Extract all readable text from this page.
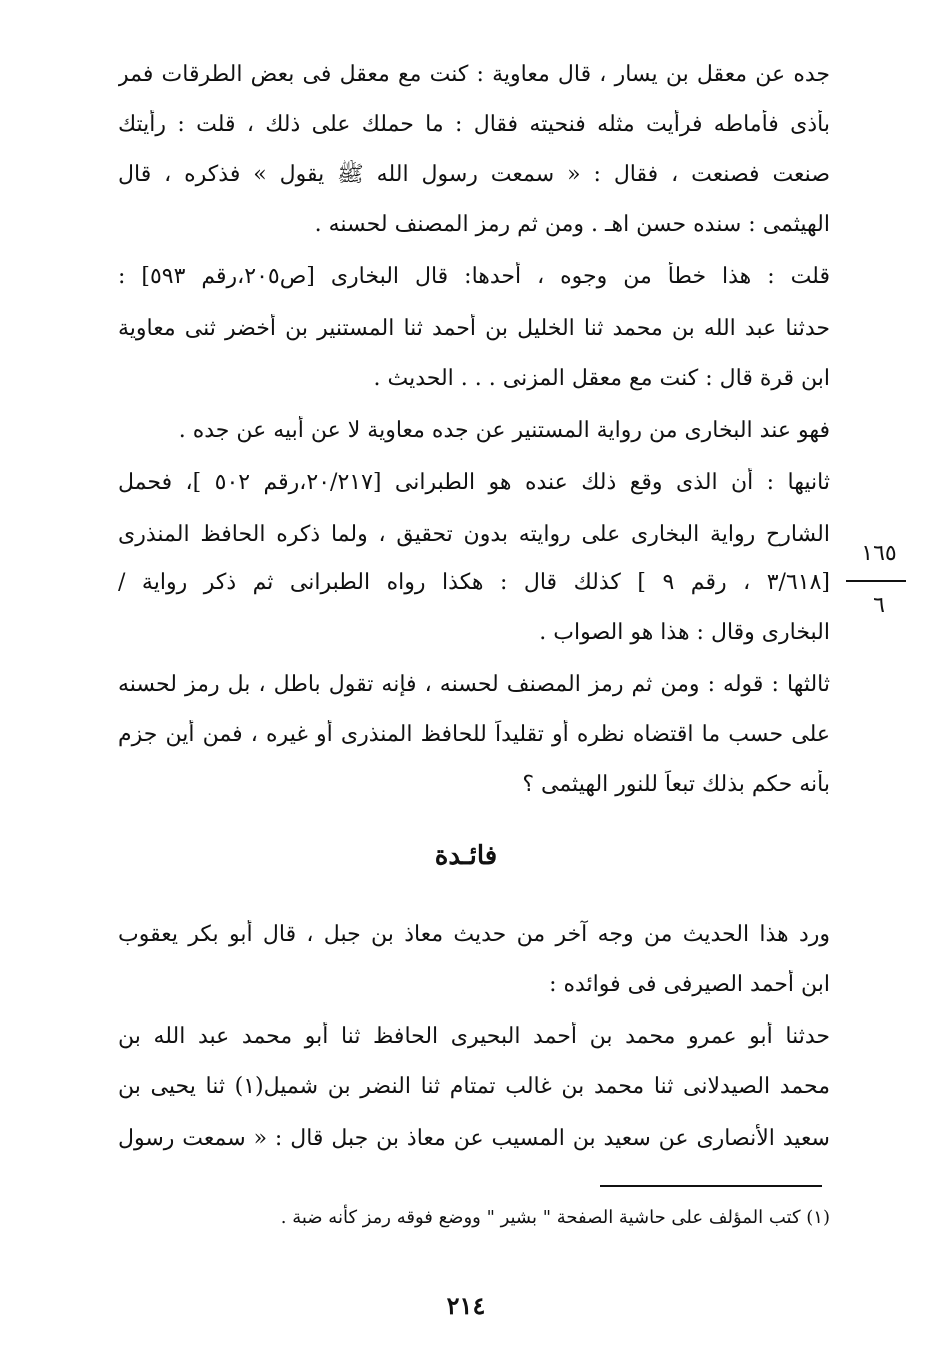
جده عن معقل بن يسار ، قال معاوية : كنت مع معقل فى بعض الطرقات فمر
بأذى فأماطه فرأيت مثله فنحيته فقال : ما حملك على ذلك ، قلت : رأيتك
صنعت فصنعت ، فقال : « سمعت رسول الله ﷺ يقول » فذكره ، قال
الهيثمى : سنده حسن اهـ . ومن ثم رمز المصنف لحسنه .
قلت : هذا خطأ من وجوه ، أحدها: قال البخارى [ص٢٠٥،رقم ٥٩٣] :
حدثنا عبد الله بن محمد ثنا الخليل بن أحمد ثنا المستنير بن أخضر ثنى معاوية
ابن قرة قال : كنت مع معقل المزنى . . . الحديث .
فهو عند البخارى من رواية المستنير عن جده معاوية لا عن أبيه عن جده .
ثانيها : أن الذى وقع ذلك عنده هو الطبرانى [٢٠/٢١٧،رقم ٥٠٢ ]، فحمل
الشارح رواية البخارى على روايته بدون تحقيق ، ولما ذكره الحافظ المنذرى
[٣/٦١٨ ، رقم ٩ ] كذلك قال : هكذا رواه الطبرانى ثم ذكر رواية /
البخارى وقال : هذا هو الصواب .
ثالثها : قوله : ومن ثم رمز المصنف لحسنه ، فإنه تقول باطل ، بل رمز لحسنه
على حسب ما اقتضاه نظره أو تقليداً للحافظ المنذرى أو غيره ، فمن أين جزم
بأنه حكم بذلك تبعاً للنور الهيثمى ؟
١٦٥
٦
فائـدة
ورد هذا الحديث من وجه آخر من حديث معاذ بن جبل ، قال أبو بكر يعقوب
ابن أحمد الصيرفى فى فوائده :
حدثنا أبو عمرو محمد بن أحمد البحيرى الحافظ ثنا أبو محمد عبد الله بن
محمد الصيدلانى ثنا محمد بن غالب تمتام ثنا النضر بن شميل(١) ثنا يحيى بن
سعيد الأنصارى عن سعيد بن المسيب عن معاذ بن جبل قال : « سمعت رسول
(١) كتب المؤلف على حاشية الصفحة " بشير " ووضع فوقه رمز كأنه ضبة .
٢١٤
